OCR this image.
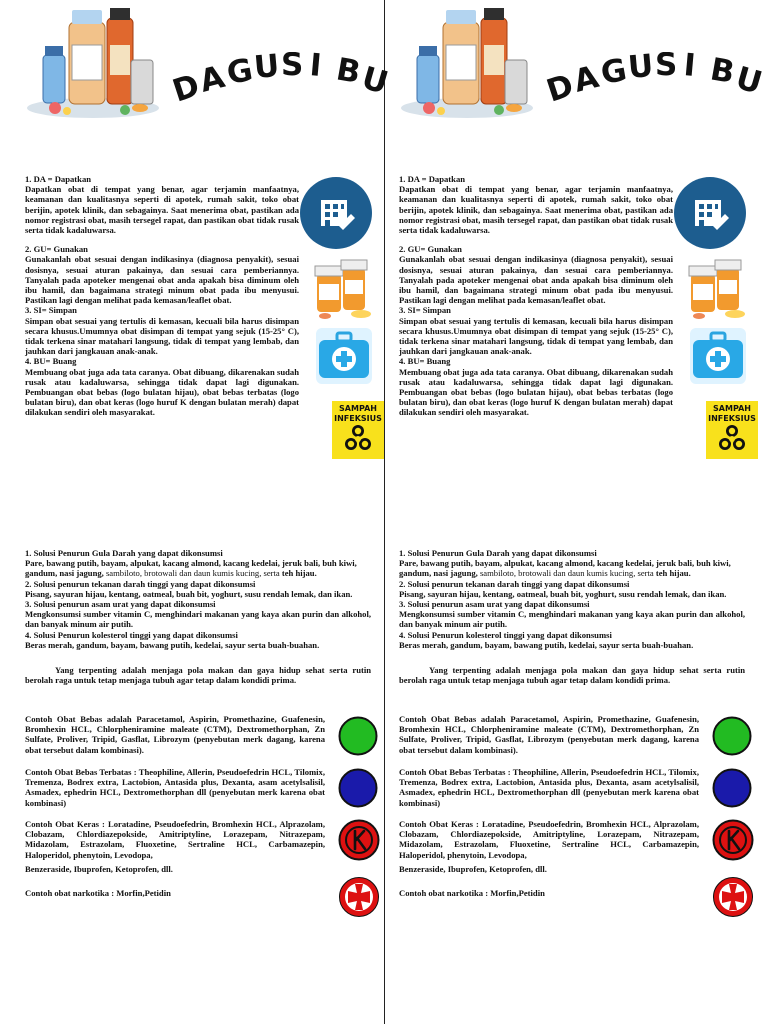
D
A
G
U S I B
U

1. DA = Dapatkan

Dapatkan obat di tempat yang benar, agar terjamin manfaatnya, keamanan dan kualitasnya seperti di apotek, rumah sakit, toko obat berijin, apotek klinik, dan sebagainya. Saat menerima obat, pastikan ada nomor registrasi obat, masih tersegel rapat, dan pastikan obat tidak rusak serta tidak kadaluwarsa.

2. GU= Gunakan

Gunakanlah obat sesuai dengan indikasinya (diagnosa penyakit), sesuai dosisnya, sesuai aturan pakainya, dan sesuai cara pemberiannya. Tanyalah pada apoteker mengenai obat anda apakah bisa diminum oleh ibu hamil, dan bagaimana strategi minum obat pada ibu menyusui. Pastikan lagi dengan melihat pada kemasan/leaflet obat.

3. SI= Simpan

Simpan obat sesuai yang tertulis di kemasan, kecuali bila harus disimpan secara khusus.Umumnya obat disimpan di tempat yang sejuk (15-25° C), tidak terkena sinar matahari langsung, tidak di tempat yang lembab, dan jauhkan dari jangkauan anak-anak.

4. BU= Buang

Membuang obat juga ada tata caranya. Obat dibuang, dikarenakan sudah rusak atau kadaluwarsa, sehingga tidak dapat lagi digunakan. Pembuangan obat bebas (logo bulatan hijau), obat bebas terbatas (logo bulatan biru), dan obat keras (logo huruf K dengan bulatan merah) dapat dilakukan sendiri oleh masyarakat.	SAMPAH
INFEKSIUS
D
A
G
U S I B
U

1. DA = Dapatkan

Dapatkan obat di tempat yang benar, agar terjamin manfaatnya, keamanan dan kualitasnya seperti di apotek, rumah sakit, toko obat berijin, apotek klinik, dan sebagainya. Saat menerima obat, pastikan ada nomor registrasi obat, masih tersegel rapat, dan pastikan obat tidak rusak serta tidak kadaluwarsa.

2. GU= Gunakan

Gunakanlah obat sesuai dengan indikasinya (diagnosa penyakit), sesuai dosisnya, sesuai aturan pakainya, dan sesuai cara pemberiannya. Tanyalah pada apoteker mengenai obat anda apakah bisa diminum oleh ibu hamil, dan bagaimana strategi minum obat pada ibu menyusui. Pastikan lagi dengan melihat pada kemasan/leaflet obat.

3. SI= Simpan

Simpan obat sesuai yang tertulis di kemasan, kecuali bila harus disimpan secara khusus.Umumnya obat disimpan di tempat yang sejuk (15-25° C), tidak terkena sinar matahari langsung, tidak di tempat yang lembab, dan jauhkan dari jangkauan anak-anak.

4. BU= Buang

Membuang obat juga ada tata caranya. Obat dibuang, dikarenakan sudah rusak atau kadaluwarsa, sehingga tidak dapat lagi digunakan. Pembuangan obat bebas (logo bulatan hijau), obat bebas terbatas (logo bulatan biru), dan obat keras (logo huruf K dengan bulatan merah) dapat dilakukan sendiri oleh masyarakat.	SAMPAH
INFEKSIUS

1. Solusi Penurun Gula Darah yang dapat dikonsumsi

Pare, bawang putih, bayam, alpukat, kacang almond, kacang kedelai, jeruk bali, buh kiwi, gandum, nasi jagung, sambiloto, brotowali dan daun kumis kucing, serta teh hijau.

2. Solusi penurun tekanan darah tinggi yang dapat dikonsumsi

Pisang, sayuran hijau, kentang, oatmeal, buah bit, yoghurt, susu rendah lemak, dan ikan.

3. Solusi penurun asam urat yang dapat dikonsumsi

Mengkonsumsi sumber vitamin C, menghindari makanan yang kaya akan purin dan alkohol, dan banyak minum air putih.

4. Solusi Penurun kolesterol tinggi yang dapat dikonsumsi

Beras merah, gandum, bayam, bawang putih, kedelai, sayur serta buah-buahan.

Yang terpenting adalah menjaga pola makan dan gaya hidup sehat serta rutin berolah raga untuk tetap menjaga tubuh agar tetap dalam kondidi prima.

Contoh Obat Bebas adalah Paracetamol, Aspirin, Promethazine, Guafenesin, Bromhexin HCL, Chlorpheniramine maleate (CTM), Dextromethorphan, Zn Sulfate, Proliver, Tripid, Gasflat, Librozym (penyebutan merk dagang, karena obat tersebut dalam kombinasi).

Contoh Obat Bebas Terbatas : Theophiline, Allerin, Pseudoefedrin HCL, Tilomix, Tremenza, Bodrex extra, Lactobion, Antasida plus, Dexanta, asam acetylsalisil, Asmadex, ephedrin HCL, Dextromethorphan dll (penyebutan merk karena obat kombinasi)

Contoh Obat Keras : Loratadine, Pseudoefedrin, Bromhexin HCL, Alprazolam, Clobazam, Chlordiazepokside, Amitriptyline, Lorazepam, Nitrazepam, Midazolam, Estrazolam, Fluoxetine, Sertraline HCL, Carbamazepin, Haloperidol, phenytoin, Levodopa,

Benzeraside, Ibuprofen, Ketoprofen, dll.

Contoh obat narkotika : Morfin,Petidin

1. Solusi Penurun Gula Darah yang dapat dikonsumsi

Pare, bawang putih, bayam, alpukat, kacang almond, kacang kedelai, jeruk bali, buh kiwi, gandum, nasi jagung, sambiloto, brotowali dan daun kumis kucing, serta teh hijau.

2. Solusi penurun tekanan darah tinggi yang dapat dikonsumsi

Pisang, sayuran hijau, kentang, oatmeal, buah bit, yoghurt, susu rendah lemak, dan ikan.

3. Solusi penurun asam urat yang dapat dikonsumsi

Mengkonsumsi sumber vitamin C, menghindari makanan yang kaya akan purin dan alkohol, dan banyak minum air putih.

4. Solusi Penurun kolesterol tinggi yang dapat dikonsumsi

Beras merah, gandum, bayam, bawang putih, kedelai, sayur serta buah-buahan.

Yang terpenting adalah menjaga pola makan dan gaya hidup sehat serta rutin berolah raga untuk tetap menjaga tubuh agar tetap dalam kondidi prima.

Contoh Obat Bebas adalah Paracetamol, Aspirin, Promethazine, Guafenesin, Bromhexin HCL, Chlorpheniramine maleate (CTM), Dextromethorphan, Zn Sulfate, Proliver, Tripid, Gasflat, Librozym (penyebutan merk dagang, karena obat tersebut dalam kombinasi).

Contoh Obat Bebas Terbatas : Theophiline, Allerin, Pseudoefedrin HCL, Tilomix, Tremenza, Bodrex extra, Lactobion, Antasida plus, Dexanta, asam acetylsalisil, Asmadex, ephedrin HCL, Dextromethorphan dll (penyebutan merk karena obat kombinasi)

Contoh Obat Keras : Loratadine, Pseudoefedrin, Bromhexin HCL, Alprazolam, Clobazam, Chlordiazepokside, Amitriptyline, Lorazepam, Nitrazepam, Midazolam, Estrazolam, Fluoxetine, Sertraline HCL, Carbamazepin, Haloperidol, phenytoin, Levodopa,

Benzeraside, Ibuprofen, Ketoprofen, dll.

Contoh obat narkotika : Morfin,Petidin
